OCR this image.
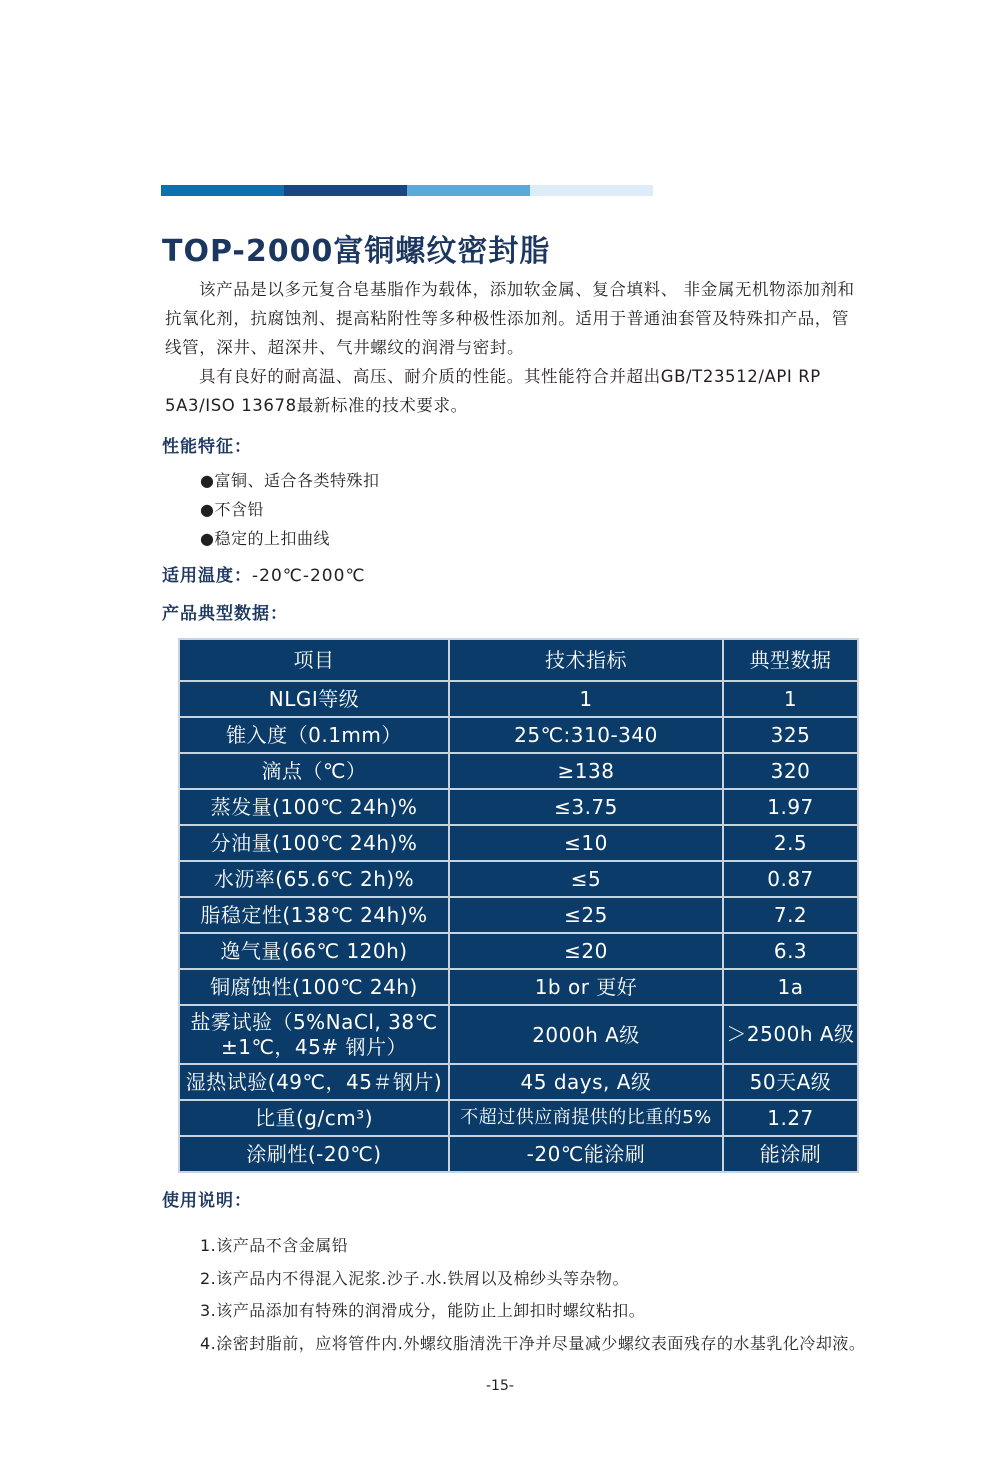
TOP-2000富铜螺纹密封脂
该产品是以多元复合皂基脂作为载体，添加软金属、复合填料、 非金属无机物添加剂和抗氧化剂，抗腐蚀剂、提高粘附性等多种极性添加剂。适用于普通油套管及特殊扣产品，管线管，深井、超深井、气井螺纹的润滑与密封。
具有良好的耐高温、高压、耐介质的性能。其性能符合并超出GB/T23512/API RP 5A3/ISO 13678最新标准的技术要求。
性能特征：
●富铜、适合各类特殊扣
●不含铅
●稳定的上扣曲线
适用温度：-20℃-200℃
产品典型数据：
项目	技术指标	典型数据
NLGI等级	1	1
锥入度（0.1mm）	25℃:310-340	325
滴点（℃）	≥138	320
蒸发量(100℃ 24h)%	≤3.75	1.97
分油量(100℃ 24h)%	≤10	2.5
水沥率(65.6℃ 2h)%	≤5	0.87
脂稳定性(138℃ 24h)%	≤25	7.2
逸气量(66℃ 120h)	≤20	6.3
铜腐蚀性(100℃ 24h)	1b or 更好	1a
盐雾试验（5%NaCl, 38℃±1℃，45# 钢片）	2000h A级	＞2500h A级
湿热试验(49℃，45＃钢片)	45 days, A级	50天A级
比重(g/cm³)	不超过供应商提供的比重的5%	1.27
涂刷性(-20℃)	-20℃能涂刷	能涂刷
使用说明：
1.该产品不含金属铅
2.该产品内不得混入泥浆.沙子.水.铁屑以及棉纱头等杂物。
3.该产品添加有特殊的润滑成分，能防止上卸扣时螺纹粘扣。
4.涂密封脂前，应将管件内.外螺纹脂清洗干净并尽量减少螺纹表面残存的水基乳化冷却液。
-15-
